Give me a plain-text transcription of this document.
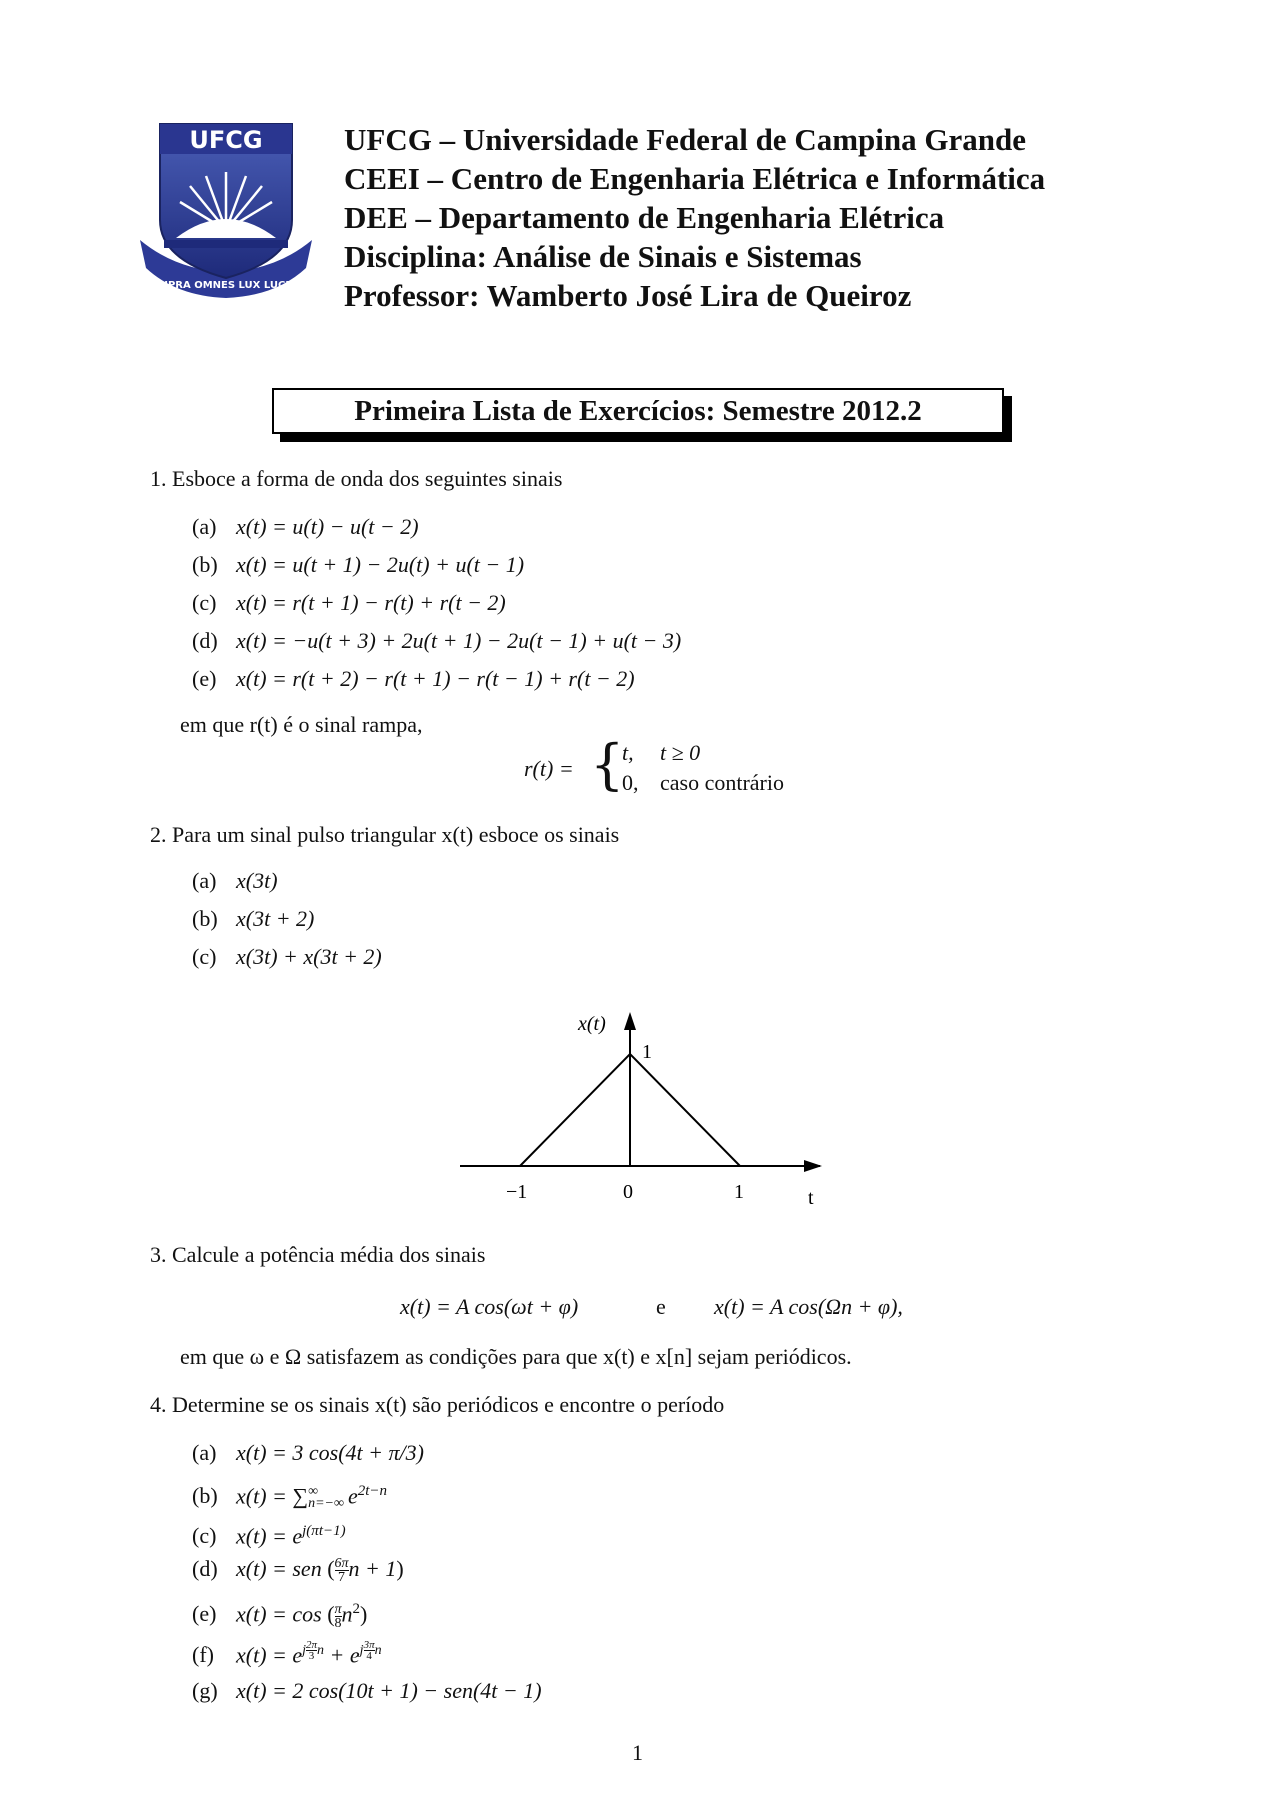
UFCG
SUPRA OMNES LUX LUCES
UFCG – Universidade Federal de Campina Grande
CEEI – Centro de Engenharia Elétrica e Informática
DEE – Departamento de Engenharia Elétrica
Disciplina: Análise de Sinais e Sistemas
Professor: Wamberto José Lira de Queiroz
Primeira Lista de Exercícios: Semestre 2012.2
1. Esboce a forma de onda dos seguintes sinais
(a) x(t) = u(t) − u(t − 2)
(b) x(t) = u(t + 1) − 2u(t) + u(t − 1)
(c) x(t) = r(t + 1) − r(t) + r(t − 2)
(d) x(t) = −u(t + 3) + 2u(t + 1) − 2u(t − 1) + u(t − 3)
(e) x(t) = r(t + 2) − r(t + 1) − r(t − 1) + r(t − 2)
em que r(t) é o sinal rampa,
r(t) = {
t, t ≥ 0
0, caso contrário
2. Para um sinal pulso triangular x(t) esboce os sinais
(a) x(3t)
(b) x(3t + 2)
(c) x(3t) + x(3t + 2)
x(t)
1
−1	0	1	t
3. Calcule a potência média dos sinais
x(t) = A cos(ωt + φ)	e x(t) = A cos(Ωn + φ),
em que ω e Ω satisfazem as condições para que x(t) e x[n] sejam periódicos.
4. Determine se os sinais x(t) são periódicos e encontre o período
(a) x(t) = 3 cos(4t + π/3)
(b) x(t) = ∑ ∞
n=−∞ $e^{2t-n}$
(c) $x(t) = e^{j(\pi t-1)}$
(d) x(t) = sen ( $\frac{6\pi}{7}$ n + 1)
(e) x(t) = cos ( $\frac{\pi}{8} n^2$)
(f) $x(t) = e^{j \frac{2\pi}{3} n} + e^{j \frac{3\pi}{4} n}$
(g) x(t) = 2 cos(10t + 1) − sen(4t − 1)
1
